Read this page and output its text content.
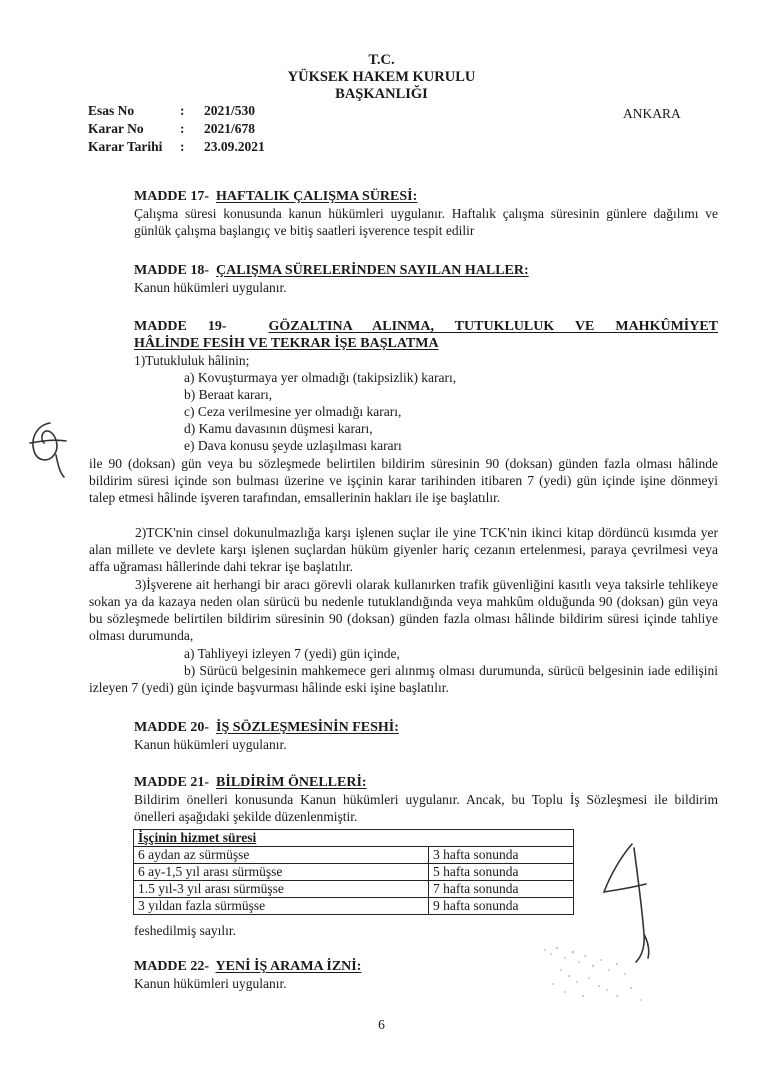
T.C.
YÜKSEK HAKEM KURULU
BAŞKANLIĞI
Esas No	:	2021/530
Karar No	:	2021/678
Karar Tarihi	:	23.09.2021
ANKARA
MADDE 17- HAFTALIK ÇALIŞMA SÜRESİ:
Çalışma süresi konusunda kanun hükümleri uygulanır. Haftalık çalışma süresinin günlere dağılımı ve günlük çalışma başlangıç ve bitiş saatleri işverence tespit edilir
MADDE 18- ÇALIŞMA SÜRELERİNDEN SAYILAN HALLER:
Kanun hükümleri uygulanır.
MADDE 19-	GÖZALTINA ALINMA, TUTUKLULUK VE MAHKÛMİYET
HÂLİNDE FESİH VE TEKRAR İŞE BAŞLATMA
1)Tutukluluk hâlinin;
a) Kovuşturmaya yer olmadığı (takipsizlik) kararı,
b) Beraat kararı,
c) Ceza verilmesine yer olmadığı kararı,
d) Kamu davasının düşmesi kararı,
e) Dava konusu şeyde uzlaşılması kararı
ile 90 (doksan) gün veya bu sözleşmede belirtilen bildirim süresinin 90 (doksan) günden fazla olması hâlinde bildirim süresi içinde son bulması üzerine ve işçinin karar tarihinden itibaren 7 (yedi) gün içinde işine dönmeyi talep etmesi hâlinde işveren tarafından, emsallerinin hakları ile işe başlatılır.
2)TCK'nin cinsel dokunulmazlığa karşı işlenen suçlar ile yine TCK'nin ikinci kitap dördüncü kısımda yer alan millete ve devlete karşı işlenen suçlardan hüküm giyenler hariç cezanın ertelenmesi, paraya çevrilmesi veya affa uğraması hâllerinde dahi tekrar işe başlatılır.
3)İşverene ait herhangi bir aracı görevli olarak kullanırken trafik güvenliğini kasıtlı veya taksirle tehlikeye sokan ya da kazaya neden olan sürücü bu nedenle tutuklandığında veya mahkûm olduğunda 90 (doksan) gün veya bu sözleşmede belirtilen bildirim süresinin 90 (doksan) günden fazla olması hâlinde bildirim süresi içinde tahliye olması durumunda,
a) Tahliyeyi izleyen 7 (yedi) gün içinde,
b) Sürücü belgesinin mahkemece geri alınmış olması durumunda, sürücü belgesinin iade edilişini izleyen 7 (yedi) gün içinde başvurması hâlinde eski işine başlatılır.
MADDE 20- İŞ SÖZLEŞMESİNİN FESHİ:
Kanun hükümleri uygulanır.
MADDE 21- BİLDİRİM ÖNELLERİ:
Bildirim önelleri konusunda Kanun hükümleri uygulanır. Ancak, bu Toplu İş Sözleşmesi ile bildirim önelleri aşağıdaki şekilde düzenlenmiştir.
İşçinin hizmet süresi	
6 aydan az sürmüşse	3 hafta sonunda
6 ay-1,5 yıl arası sürmüşse	5 hafta sonunda
1.5 yıl-3 yıl arası sürmüşse	7 hafta sonunda
3 yıldan fazla sürmüşse	9 hafta sonunda
feshedilmiş sayılır.
MADDE 22- YENİ İŞ ARAMA İZNİ:
Kanun hükümleri uygulanır.
6
